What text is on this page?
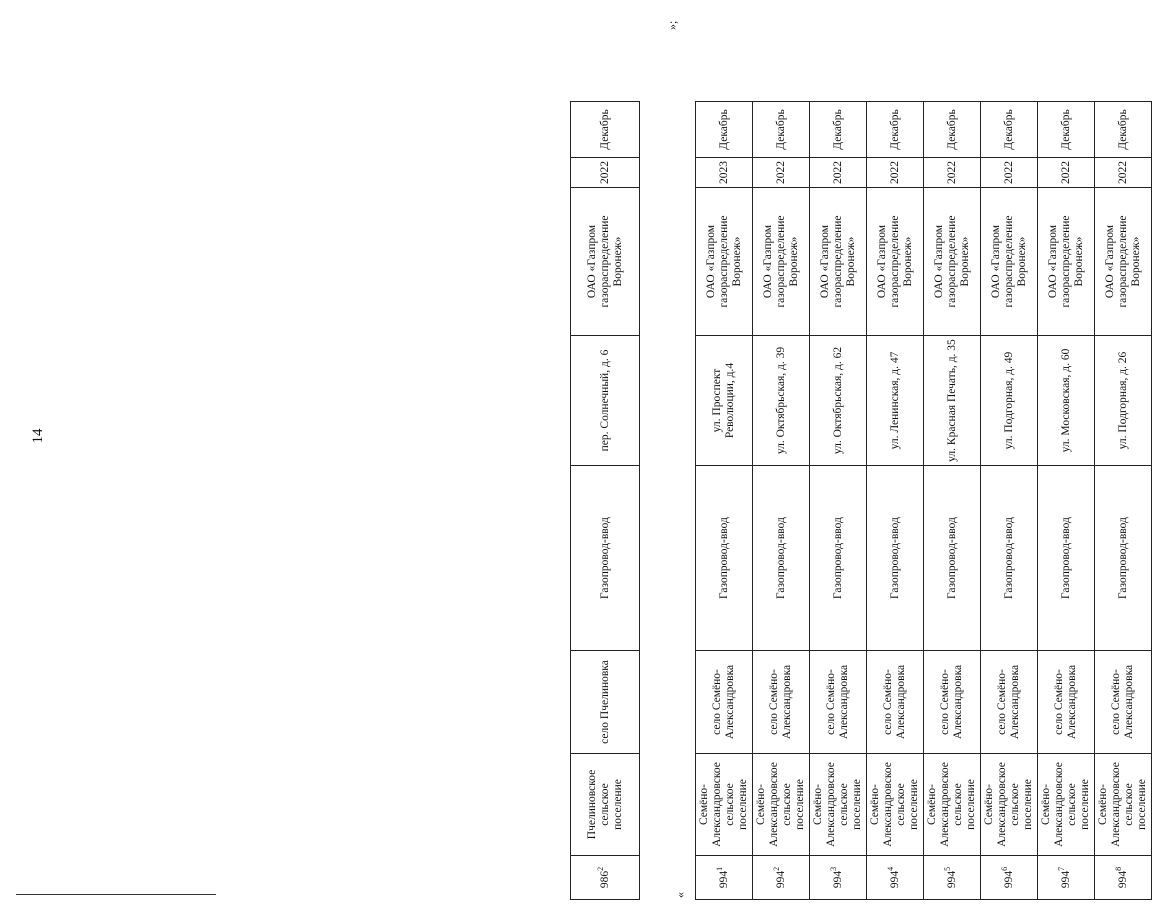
14
$986^2$	Пчелиновское сельское поселение	село Пчелиновка	Газопровод-ввод	пер. Солнечный, д. 6	ОАО «Газпром газораспределение Воронеж»	2022	Декабрь
«
»;
$994^1$	Семёно-Александровское сельское поселение	село Семёно-Александровка	Газопровод-ввод	ул. Проспект Революции, д.4	ОАО «Газпром газораспределение Воронеж»	2023	Декабрь
$994^2$	Семёно-Александровское сельское поселение	село Семёно-Александровка	Газопровод-ввод	ул. Октябрьская, д. 39	ОАО «Газпром газораспределение Воронеж»	2022	Декабрь
$994^3$	Семёно-Александровское сельское поселение	село Семёно-Александровка	Газопровод-ввод	ул. Октябрьская, д. 62	ОАО «Газпром газораспределение Воронеж»	2022	Декабрь
$994^4$	Семёно-Александровское сельское поселение	село Семёно-Александровка	Газопровод-ввод	ул. Ленинская, д. 47	ОАО «Газпром газораспределение Воронеж»	2022	Декабрь
$994^5$	Семёно-Александровское сельское поселение	село Семёно-Александровка	Газопровод-ввод	ул. Красная Печать, д. 35	ОАО «Газпром газораспределение Воронеж»	2022	Декабрь
$994^6$	Семёно-Александровское сельское поселение	село Семёно-Александровка	Газопровод-ввод	ул. Подгорная, д. 49	ОАО «Газпром газораспределение Воронеж»	2022	Декабрь
$994^7$	Семёно-Александровское сельское поселение	село Семёно-Александровка	Газопровод-ввод	ул. Московская, д. 60	ОАО «Газпром газораспределение Воронеж»	2022	Декабрь
$994^8$	Семёно-Александровское сельское поселение	село Семёно-Александровка	Газопровод-ввод	ул. Подгорная, д. 26	ОАО «Газпром газораспределение Воронеж»	2022	Декабрь
